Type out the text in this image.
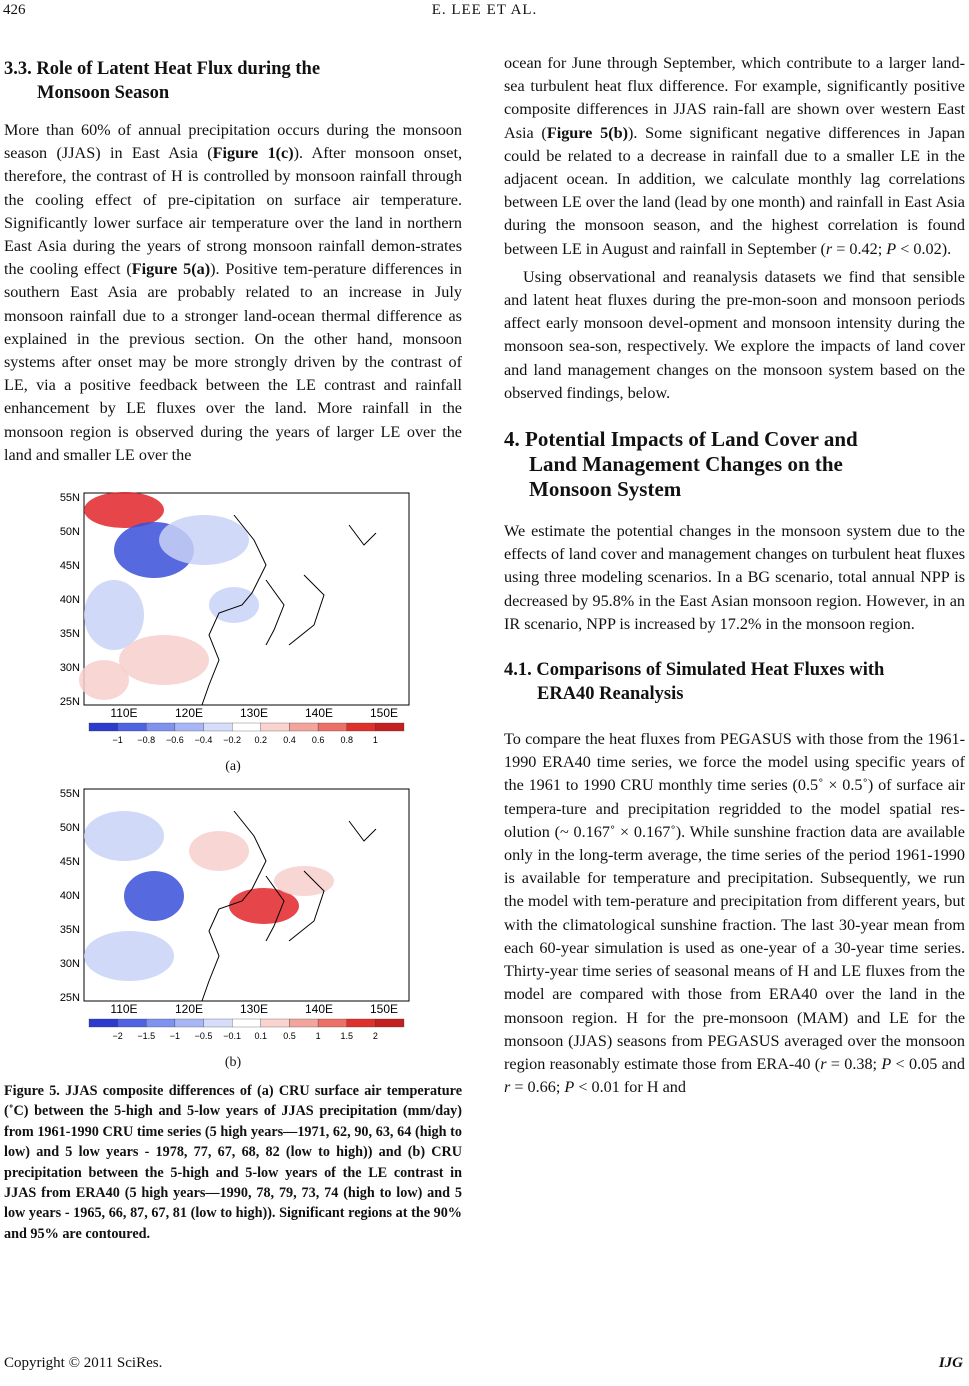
426	E. LEE ET AL.
3.3. Role of Latent Heat Flux during the
Monsoon Season

More than 60% of annual precipitation occurs during the monsoon season (JJAS) in East Asia (Figure 1(c)). After monsoon onset, therefore, the contrast of H is controlled by monsoon rainfall through the cooling effect of pre-cipitation on surface air temperature. Significantly lower surface air temperature over the land in northern East Asia during the years of strong monsoon rainfall demon-strates the cooling effect (Figure 5(a)). Positive tem-perature differences in southern East Asia are probably related to an increase in July monsoon rainfall due to a stronger land-ocean thermal difference as explained in the previous section. On the other hand, monsoon systems after onset may be more strongly driven by the contrast of LE, via a positive feedback between the LE contrast and rainfall enhancement by LE fluxes over the land. More rainfall in the monsoon region is observed during the years of larger LE over the land and smaller LE over the

55N
50N
45N
40N
35N
30N
25N
110E	120E	130E	140E	150E
−1 −0.8 −0.6 −0.4 −0.2 0.2 0.4 0.6 0.8 1
(a)
55N
50N
45N
40N
35N
30N
25N
110E	120E	130E	140E	150E
−2 −1.5 −1 −0.5 −0.1 0.1 0.5 1 1.5 2
(b)
Figure 5. JJAS composite differences of (a) CRU surface air temperature (˚C) between the 5-high and 5-low years of JJAS precipitation (mm/day) from 1961-1990 CRU time series (5 high years—1971, 62, 90, 63, 64 (high to low) and 5 low years - 1978, 77, 67, 68, 82 (low to high)) and (b) CRU precipitation between the 5-high and 5-low years of the LE contrast in JJAS from ERA40 (5 high years—1990, 78, 79, 73, 74 (high to low) and 5 low years - 1965, 66, 87, 67, 81 (low to high)). Significant regions at the 90% and 95% are contoured.

ocean for June through September, which contribute to a larger land-sea turbulent heat flux difference. For example, significantly positive composite differences in JJAS rain-fall are shown over western East Asia (Figure 5(b)). Some significant negative differences in Japan could be related to a decrease in rainfall due to a smaller LE in the adjacent ocean. In addition, we calculate monthly lag correlations between LE over the land (lead by one month) and rainfall in East Asia during the monsoon season, and the highest correlation is found between LE in August and rainfall in September (r = 0.42; P < 0.02).

Using observational and reanalysis datasets we find that sensible and latent heat fluxes during the pre-mon-soon and monsoon periods affect early monsoon devel-opment and monsoon intensity during the monsoon sea-son, respectively. We explore the impacts of land cover and land management changes on the monsoon system based on the observed findings, below.

4. Potential Impacts of Land Cover and
Land Management Changes on the
Monsoon System

We estimate the potential changes in the monsoon system due to the effects of land cover and management changes on turbulent heat fluxes using three modeling scenarios. In a BG scenario, total annual NPP is decreased by 95.8% in the East Asian monsoon region. However, in an IR scenario, NPP is increased by 17.2% in the monsoon region.

4.1. Comparisons of Simulated Heat Fluxes with
ERA40 Reanalysis

To compare the heat fluxes from PEGASUS with those from the 1961-1990 ERA40 time series, we force the model using specific years of the 1961 to 1990 CRU monthly time series (0.5˚ × 0.5˚) of surface air tempera-ture and precipitation regridded to the model spatial res-olution (~ 0.167˚ × 0.167˚). While sunshine fraction data are available only in the long-term average, the time series of the period 1961-1990 is available for temperature and precipitation. Subsequently, we run the model with tem-perature and precipitation from different years, but with the climatological sunshine fraction. The last 30-year mean from each 60-year simulation is used as one-year of a 30-year time series. Thirty-year time series of seasonal means of H and LE fluxes from the model are compared with those from ERA40 over the land in the monsoon region. H for the pre-monsoon (MAM) and LE for the monsoon (JJAS) seasons from PEGASUS averaged over the monsoon region reasonably estimate those from ERA-40 (r = 0.38; P < 0.05 and r = 0.66; P < 0.01 for H and

Copyright © 2011 SciRes.	IJG
